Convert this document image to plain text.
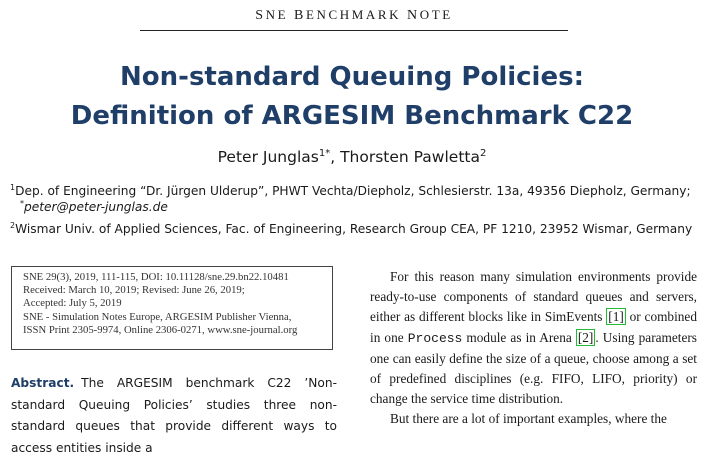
SNE BENCHMARK NOTE
Non-standard Queuing Policies:
Definition of ARGESIM Benchmark C22
Peter Junglas$^{1*}$, Thorsten Pawletta$^2$
$^1$Dep. of Engineering “Dr. Jürgen Ulderup”, PHWT Vechta/Diepholz, Schlesierstr. 13a, 49356 Diepholz, Germany;
*peter@peter-junglas.de
$^2$Wismar Univ. of Applied Sciences, Fac. of Engineering, Research Group CEA, PF 1210, 23952 Wismar, Germany
SNE 29(3), 2019, 111-115, DOI: 10.11128/sne.29.bn22.10481
Received: March 10, 2019; Revised: June 26, 2019;
Accepted: July 5, 2019
SNE - Simulation Notes Europe, ARGESIM Publisher Vienna,
ISSN Print 2305-9974, Online 2306-0271, www.sne-journal.org
Abstract. The ARGESIM benchmark C22 ’Non-standard Queuing Policies’ studies three non-standard queues that provide different ways to access entities inside a

For this reason many simulation environments provide ready-to-use components of standard queues and servers, either as different blocks like in SimEvents [1] or combined in one Process module as in Arena [2] . Using parameters one can easily define the size of a queue, choose among a set of predefined disciplines (e.g. FIFO, LIFO, priority) or change the service time distribution.

But there are a lot of important examples, where the
